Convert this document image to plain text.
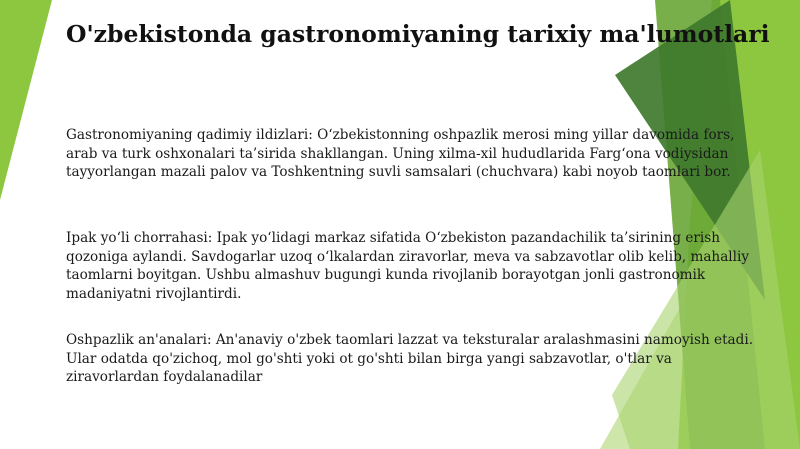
O'zbekistonda gastronomiyaning tarixiy ma'lumotlari
Gastronomiyaning qadimiy ildizlari: O‘zbekistonning oshpazlik merosi ming yillar davomida fors, arab va turk oshxonalari ta’sirida shakllangan. Uning xilma-xil hududlarida Farg‘ona vodiysidan tayyorlangan mazali palov va Toshkentning suvli samsalari (chuchvara) kabi noyob taomlari bor.
Ipak yo‘li chorrahasi: Ipak yo‘lidagi markaz sifatida O‘zbekiston pazandachilik ta’sirining erish qozoniga aylandi. Savdogarlar uzoq o‘lkalardan ziravorlar, meva va sabzavotlar olib kelib, mahalliy taomlarni boyitgan. Ushbu almashuv bugungi kunda rivojlanib borayotgan jonli gastronomik madaniyatni rivojlantirdi.
Oshpazlik an'analari: An'anaviy o'zbek taomlari lazzat va teksturalar aralashmasini namoyish etadi. Ular odatda qo'zichoq, mol go'shti yoki ot go'shti bilan birga yangi sabzavotlar, o'tlar va ziravorlardan foydalanadilar
